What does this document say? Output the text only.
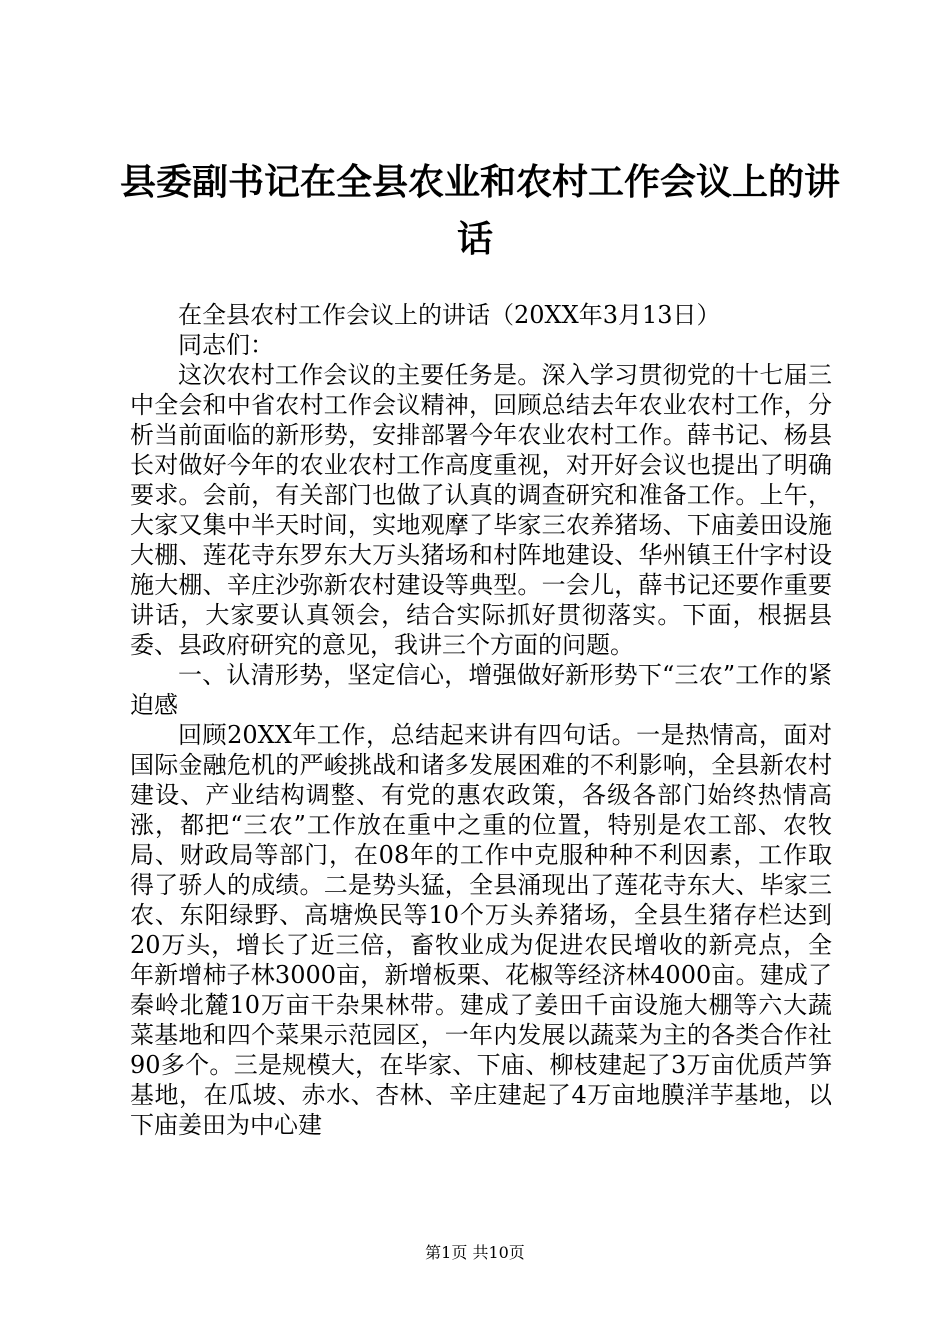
县委副书记在全县农业和农村工作会议上的讲
话

在全县农村工作会议上的讲话（20XX年3月13日）

同志们：

这次农村工作会议的主要任务是。深入学习贯彻党的十七届三中全会和中省农村工作会议精神，回顾总结去年农业农村工作，分析当前面临的新形势，安排部署今年农业农村工作。薛书记、杨县长对做好今年的农业农村工作高度重视，对开好会议也提出了明确要求。会前，有关部门也做了认真的调查研究和准备工作。上午，大家又集中半天时间，实地观摩了毕家三农养猪场、下庙姜田设施大棚、莲花寺东罗东大万头猪场和村阵地建设、华州镇王什字村设施大棚、辛庄沙弥新农村建设等典型。一会儿，薛书记还要作重要讲话，大家要认真领会，结合实际抓好贯彻落实。下面，根据县委、县政府研究的意见，我讲三个方面的问题。

一、认清形势，坚定信心，增强做好新形势下“三农”工作的紧迫感

回顾20XX年工作，总结起来讲有四句话。一是热情高，面对国际金融危机的严峻挑战和诸多发展困难的不利影响，全县新农村建设、产业结构调整、有党的惠农政策，各级各部门始终热情高涨，都把“三农”工作放在重中之重的位置，特别是农工部、农牧局、财政局等部门，在08年的工作中克服种种不利因素，工作取得了骄人的成绩。二是势头猛，全县涌现出了莲花寺东大、毕家三农、东阳绿野、高塘焕民等10个万头养猪场，全县生猪存栏达到20万头，增长了近三倍，畜牧业成为促进农民增收的新亮点，全年新增柿子林3000亩，新增板栗、花椒等经济林4000亩。建成了秦岭北麓10万亩干杂果林带。建成了姜田千亩设施大棚等六大蔬菜基地和四个菜果示范园区，一年内发展以蔬菜为主的各类合作社90多个。三是规模大，在毕家、下庙、柳枝建起了3万亩优质芦笋基地，在瓜坡、赤水、杏林、辛庄建起了4万亩地膜洋芋基地，以下庙姜田为中心建

第1页 共10页
